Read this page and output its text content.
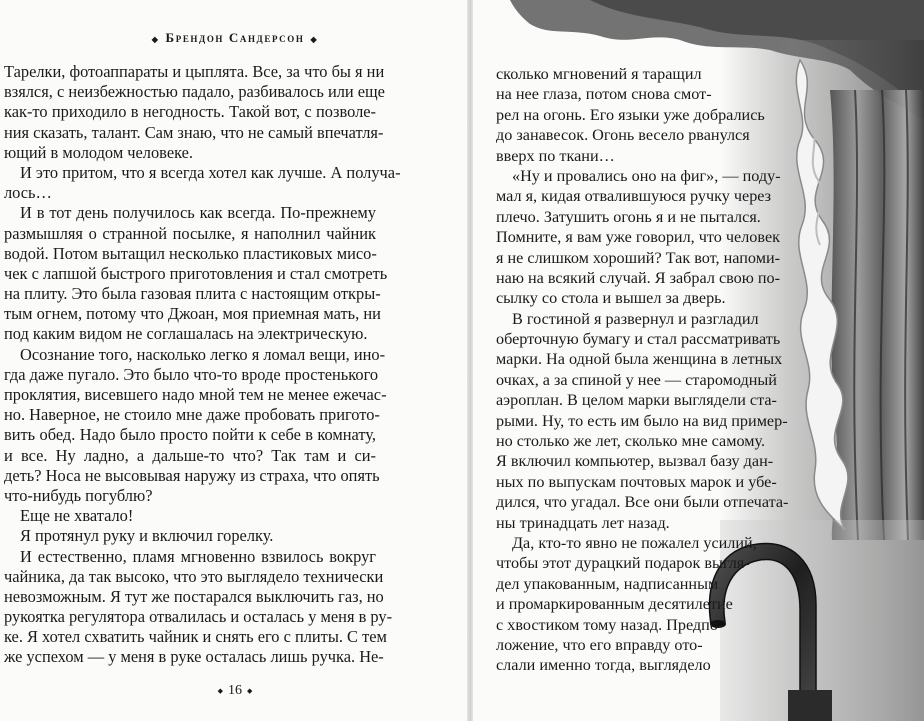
◆ Брендон Сандерсон ◆
Тарелки, фотоаппараты и цыплята. Все, за что бы я ни
взялся, с неизбежностью падало, разбивалось или еще
как-то приходило в негодность. Такой вот, с позволе-
ния сказать, талант. Сам знаю, что не самый впечатля-
ющий в молодом человеке.
И это притом, что я всегда хотел как лучше. А получа-
лось…
И в тот день получилось как всегда. По-прежнему
размышляя о странной посылке, я наполнил чайник
водой. Потом вытащил несколько пластиковых мисо-
чек с лапшой быстрого приготовления и стал смотреть
на плиту. Это была газовая плита с настоящим откры-
тым огнем, потому что Джоан, моя приемная мать, ни
под каким видом не соглашалась на электрическую.
Осознание того, насколько легко я ломал вещи, ино-
гда даже пугало. Это было что-то вроде простенького
проклятия, висевшего надо мной тем не менее ежечас-
но. Наверное, не стоило мне даже пробовать пригото-
вить обед. Надо было просто пойти к себе в комнату,
и все. Ну ладно, а дальше-то что? Так там и си-
деть? Носа не высовывая наружу из страха, что опять
что-нибудь погублю?
Еще не хватало!
Я протянул руку и включил горелку.
И естественно, пламя мгновенно взвилось вокруг
чайника, да так высоко, что это выглядело технически
невозможным. Я тут же постарался выключить газ, но
рукоятка регулятора отвалилась и осталась у меня в ру-
ке. Я хотел схватить чайник и снять его с плиты. С тем
же успехом — у меня в руке осталась лишь ручка. Не-
◆ 16 ◆
сколько мгновений я таращил
на нее глаза, потом снова смот-
рел на огонь. Его языки уже добрались
до занавесок. Огонь весело рванулся
вверх по ткани…
«Ну и провались оно на фиг», — поду-
мал я, кидая отвалившуюся ручку через
плечо. Затушить огонь я и не пытался.
Помните, я вам уже говорил, что человек
я не слишком хороший? Так вот, напоми-
наю на всякий случай. Я забрал свою по-
сылку со стола и вышел за дверь.
В гостиной я развернул и разгладил
оберточную бумагу и стал рассматривать
марки. На одной была женщина в летных
очках, а за спиной у нее — старомодный
аэроплан. В целом марки выглядели ста-
рыми. Ну, то есть им было на вид пример-
но столько же лет, сколько мне самому.
Я включил компьютер, вызвал базу дан-
ных по выпускам почтовых марок и убе-
дился, что угадал. Все они были отпечата-
ны тринадцать лет назад.
Да, кто-то явно не пожалел усилий,
чтобы этот дурацкий подарок выгля-
дел упакованным, надписанным
и промаркированным десятилетие
с хвостиком тому назад. Предпо-
ложение, что его вправду ото-
слали именно тогда, выглядело
